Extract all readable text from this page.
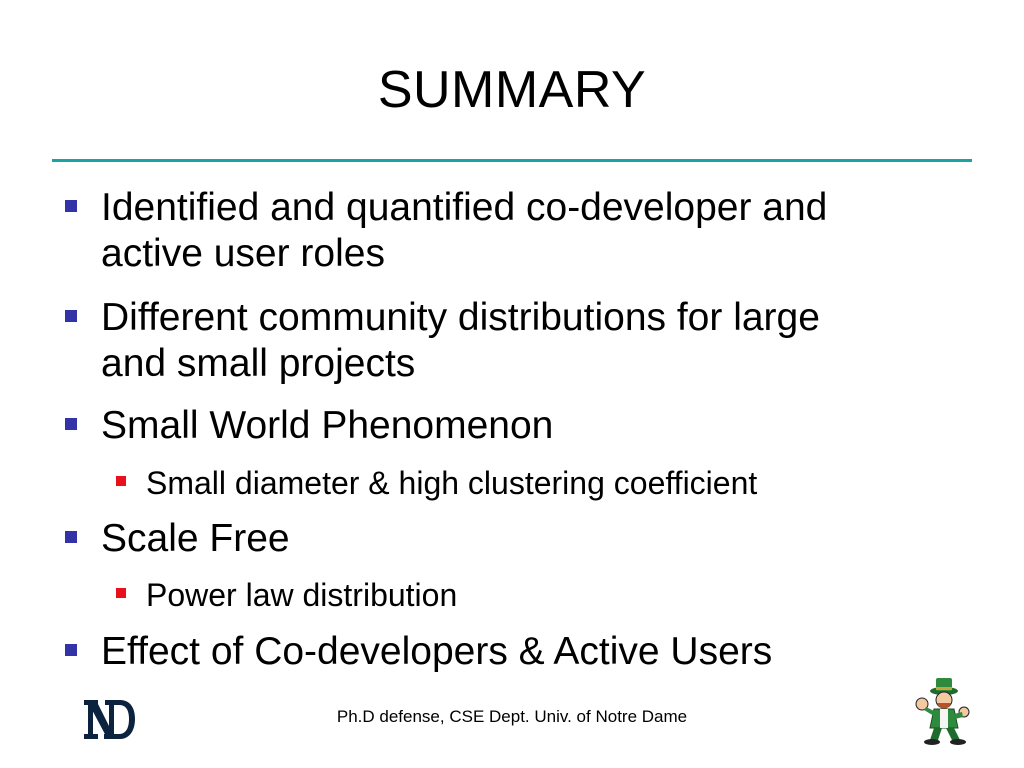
SUMMARY
Identified and quantified co-developer and
active user roles
Different community distributions for large
and small projects
Small World Phenomenon
Small diameter & high clustering coefficient
Scale Free
Power law distribution
Effect of Co-developers & Active Users
Ph.D defense, CSE Dept. Univ. of Notre Dame
